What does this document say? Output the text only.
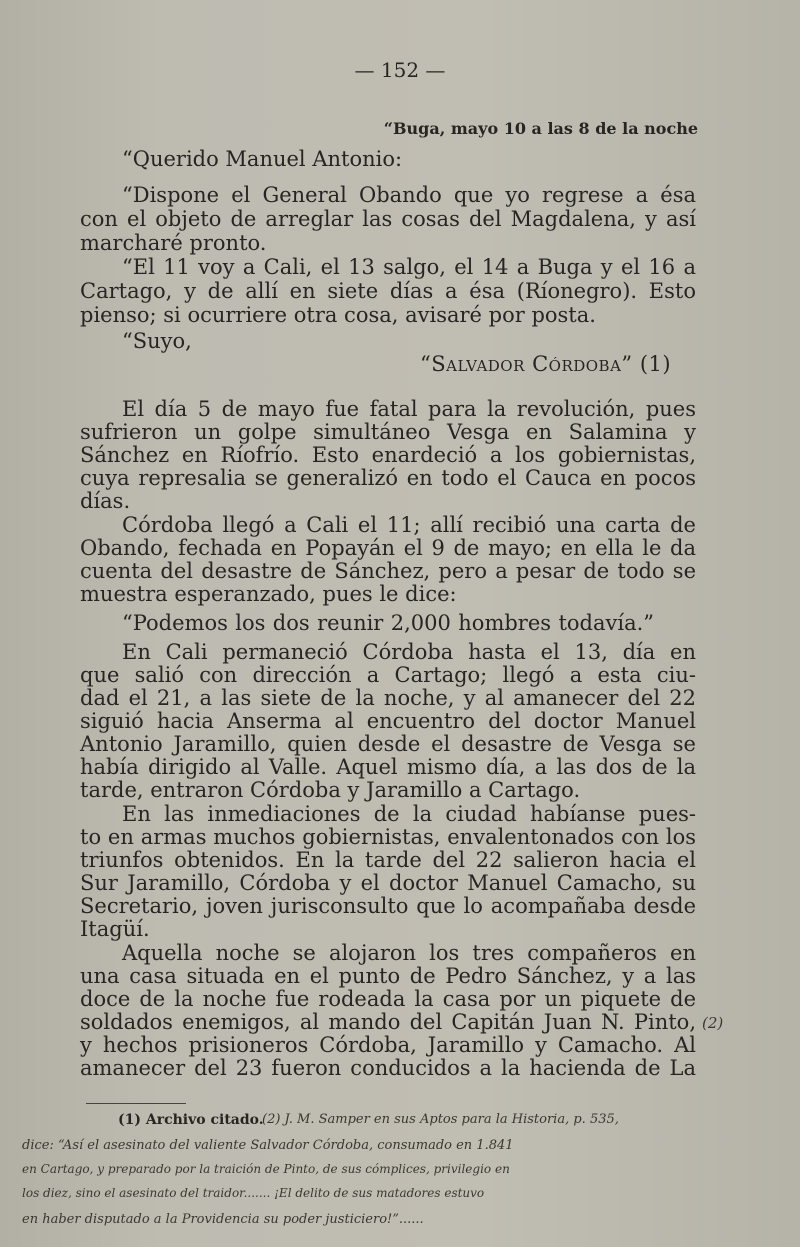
— 152 —
“Buga, mayo 10 a las 8 de la noche
“Querido Manuel Antonio:
“Dispone el General Obando que yo regrese a ésa
con el objeto de arreglar las cosas del Magdalena, y así
marcharé pronto.
“El 11 voy a Cali, el 13 salgo, el 14 a Buga y el 16 a
Cartago, y de allí en siete días a ésa (Ríonegro). Esto
pienso; si ocurriere otra cosa, avisaré por posta.
“Suyo,
“Salvador Córdoba” (1)
El día 5 de mayo fue fatal para la revolución, pues
sufrieron un golpe simultáneo Vesga en Salamina y
Sánchez en Ríofrío. Esto enardeció a los gobiernistas,
cuya represalia se generalizó en todo el Cauca en pocos
días.
Córdoba llegó a Cali el 11; allí recibió una carta de
Obando, fechada en Popayán el 9 de mayo; en ella le da
cuenta del desastre de Sánchez, pero a pesar de todo se
muestra esperanzado, pues le dice:
“Podemos los dos reunir 2,000 hombres todavía.”
En Cali permaneció Córdoba hasta el 13, día en
que salió con dirección a Cartago; llegó a esta ciu-
dad el 21, a las siete de la noche, y al amanecer del 22
siguió hacia Anserma al encuentro del doctor Manuel
Antonio Jaramillo, quien desde el desastre de Vesga se
había dirigido al Valle. Aquel mismo día, a las dos de la
tarde, entraron Córdoba y Jaramillo a Cartago.
En las inmediaciones de la ciudad habíanse pues-
to en armas muchos gobiernistas, envalentonados con los
triunfos obtenidos. En la tarde del 22 salieron hacia el
Sur Jaramillo, Córdoba y el doctor Manuel Camacho, su
Secretario, joven jurisconsulto que lo acompañaba desde
Itagüí.
Aquella noche se alojaron los tres compañeros en
una casa situada en el punto de Pedro Sánchez, y a las
doce de la noche fue rodeada la casa por un piquete de
soldados enemigos, al mando del Capitán Juan N. Pinto,
y hechos prisioneros Córdoba, Jaramillo y Camacho. Al
amanecer del 23 fueron conducidos a la hacienda de La
(2)
(1) Archivo citado.
(2) J. M. Samper en sus Aptos para la Historia, p. 535,
dice: “Así el asesinato del valiente Salvador Córdoba, consumado en 1.841
en Cartago, y preparado por la traición de Pinto, de sus cómplices, privilegio en
los diez, sino el asesinato del traidor....... ¡El delito de sus matadores estuvo
en haber disputado a la Providencia su poder justiciero!”......
